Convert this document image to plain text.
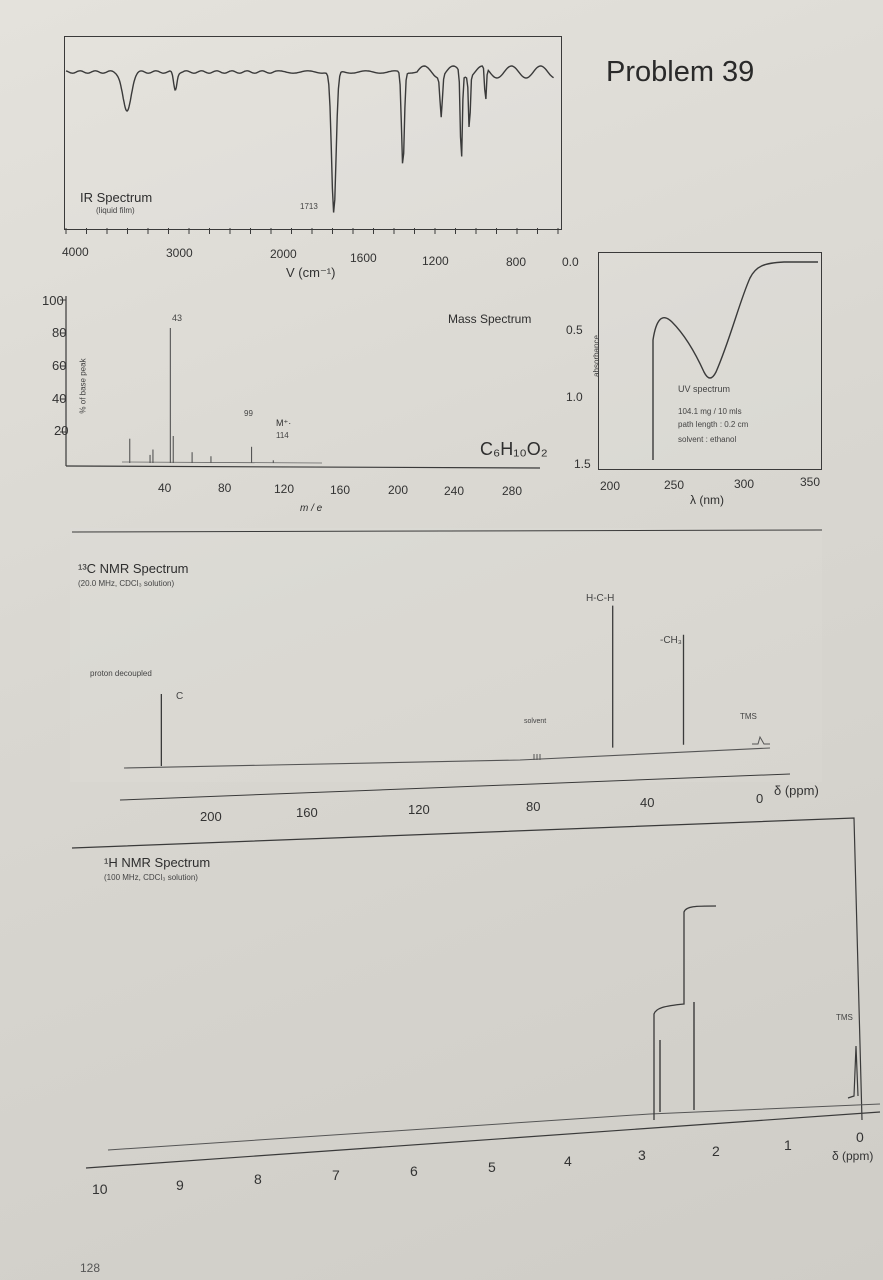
Problem 39
IR Spectrum
(liquid film)	1713
4000	3000	2000	1600	1200	800
V (cm⁻¹)
100
80
60
40
20
% of base peak
Mass Spectrum
43
99
M⁺·
114
C₆H₁₀O₂
40	80	120	160	200	240	280
m / e
0.0
0.5
1.0
1.5
absorbance
UV spectrum
104.1 mg / 10 mls
path length : 0.2 cm
solvent : ethanol
200	250	300	350
λ (nm)
¹³C NMR Spectrum
(20.0 MHz, CDCl₃ solution)
proton decoupled
C
H-C-H
-CH₃
solvent
TMS
200	160	120	80	40	0
δ (ppm)
¹H NMR Spectrum
(100 MHz, CDCl₃ solution)
TMS
10	9	8	7	6	5	4	3	2	1	0
δ (ppm)
128
